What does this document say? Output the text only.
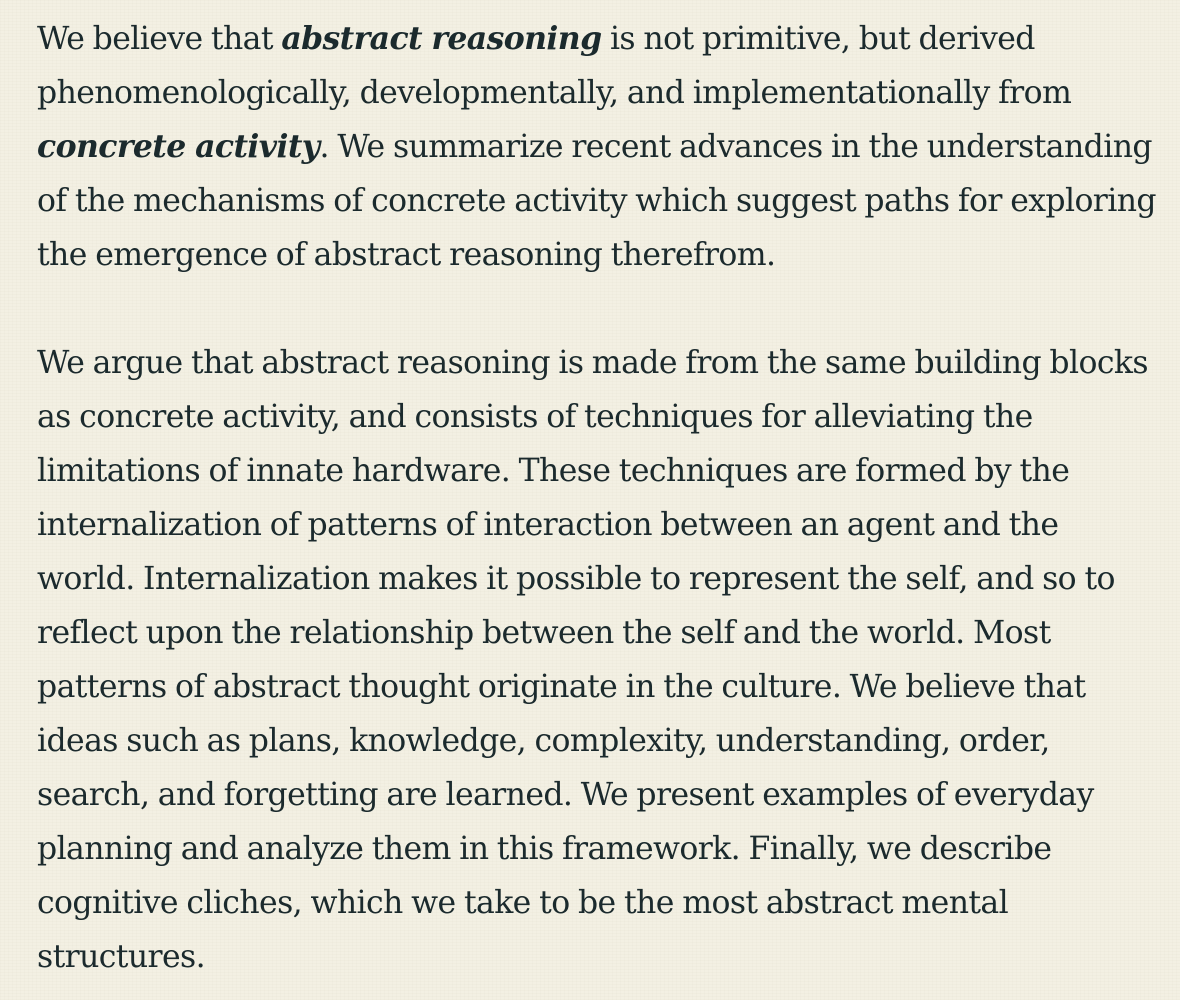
We believe that abstract reasoning is not primitive, but derived phenomenologically, developmentally, and implementationally from concrete activity. We summarize recent advances in the understanding of the mechanisms of concrete activity which suggest paths for exploring the emergence of abstract reasoning therefrom.

We argue that abstract reasoning is made from the same building blocks as concrete activity, and consists of techniques for alleviating the limitations of innate hardware. These techniques are formed by the internalization of patterns of interaction between an agent and the world. Internalization makes it possible to represent the self, and so to reflect upon the relationship between the self and the world. Most patterns of abstract thought originate in the culture. We believe that ideas such as plans, knowledge, complexity, understanding, order, search, and forgetting are learned. We present examples of everyday planning and analyze them in this framework. Finally, we describe cognitive cliches, which we take to be the most abstract mental structures.
